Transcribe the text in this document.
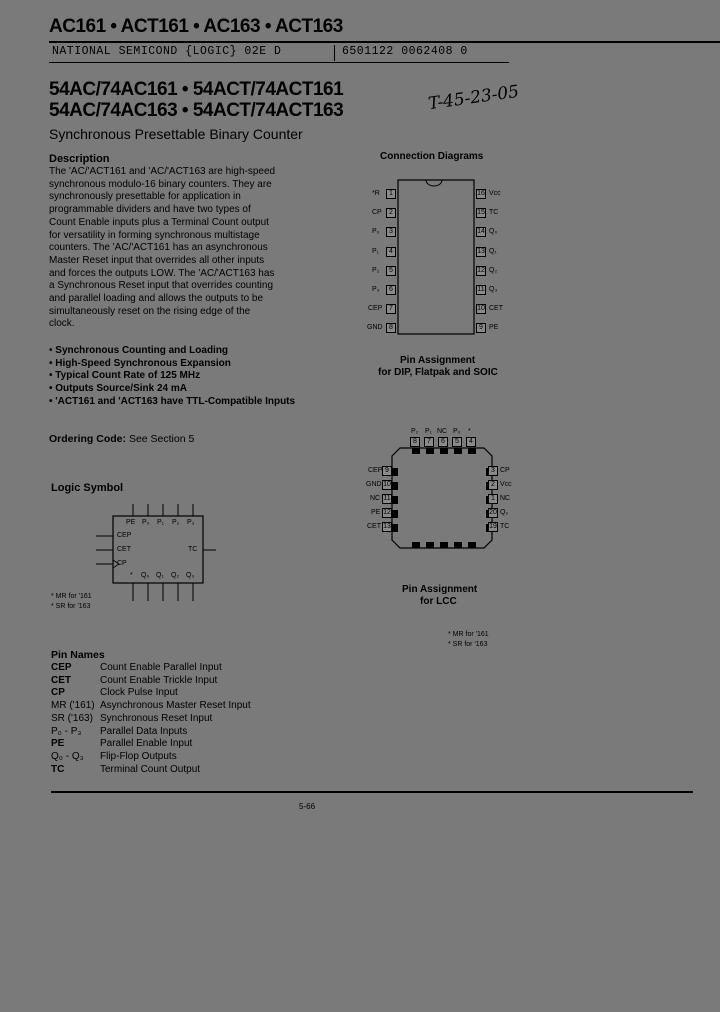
AC161 • ACT161 • AC163 • ACT163
NATIONAL SEMICOND {LOGIC} 02E D	6501122 0062408 0
54AC/74AC161 • 54ACT/74ACT161
54AC/74AC163 • 54ACT/74ACT163	T-45-23-05
Synchronous Presettable Binary Counter
Description
The 'AC/'ACT161 and 'AC/'ACT163 are high-speed
synchronous modulo-16 binary counters. They are
synchronously presettable for application in
programmable dividers and have two types of
Count Enable inputs plus a Terminal Count output
for versatility in forming synchronous multistage
counters. The 'AC/'ACT161 has an asynchronous
Master Reset input that overrides all other inputs
and forces the outputs LOW. The 'AC/'ACT163 has
a Synchronous Reset input that overrides counting
and parallel loading and allows the outputs to be
simultaneously reset on the rising edge of the
clock.
• Synchronous Counting and Loading
• High-Speed Synchronous Expansion
• Typical Count Rate of 125 MHz
• Outputs Source/Sink 24 mA
• 'ACT161 and 'ACT163 have TTL-Compatible Inputs
Ordering Code: See Section 5
Logic Symbol
PE P₀ P₁ P₂ P₃
CEP
CET
CP
TC
* Q₀ Q₁ Q₂ Q₃
* MR for '161
* SR for '163
Connection Diagrams
*R	1
CP	2
P₀	3
P₁	4
P₂	5
P₃	6
CEP 7
GND 8
16 Vcc
15 TC
14 Q₀
13 Q₁
12 Q₂
11 Q₃
10 CET
9 PE
Pin Assignment
for DIP, Flatpak and SOIC
P₂ P₁ NC P₀ *
8	7	6	5	4
CEP 9
GND 10
NC 11
PE 12
CET 13
3 CP
2 Vcc
1 NC
20 Q₀
19 TC
Pin Assignment
for LCC
* MR for '161
* SR for '163
Pin Names
CEP	Count Enable Parallel Input
CET	Count Enable Trickle Input
CP	Clock Pulse Input
MR ('161) Asynchronous Master Reset Input
SR ('163) Synchronous Reset Input
P₀ - P₃ Parallel Data Inputs
PE	Parallel Enable Input
Q₀ - Q₃ Flip-Flop Outputs
TC	Terminal Count Output
5-66
